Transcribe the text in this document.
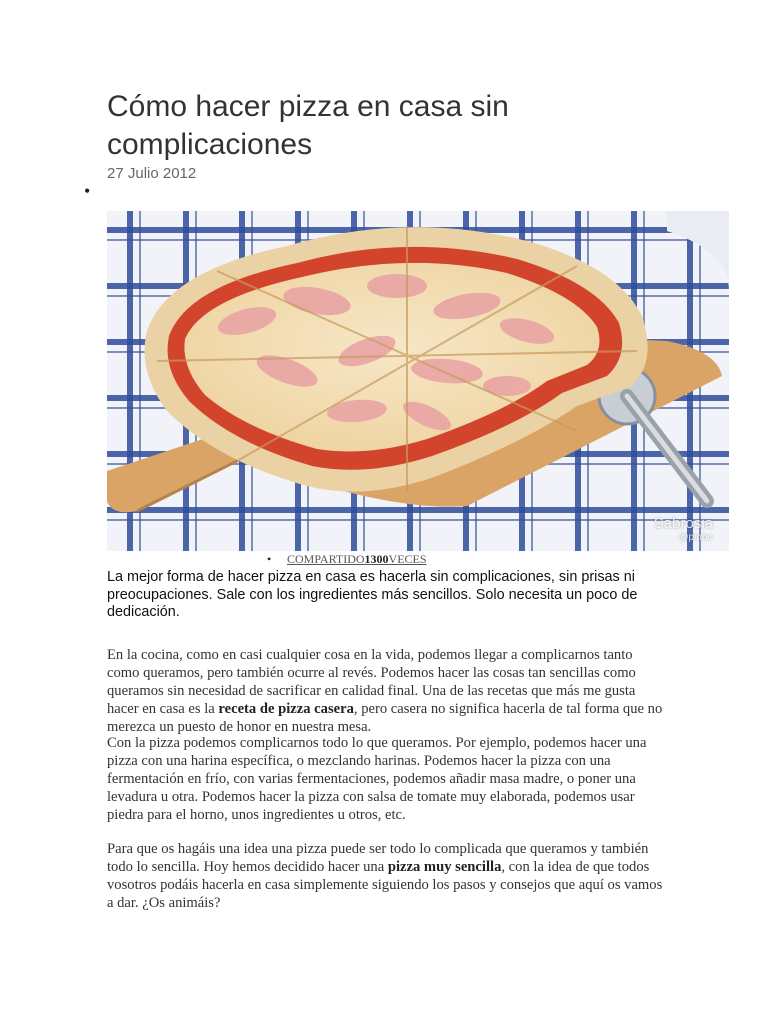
Cómo hacer pizza en casa sin complicaciones
27 Julio 2012
•
Sabrosia
@pinbo
• COMPARTIDO1300VECES

La mejor forma de hacer pizza en casa es hacerla sin complicaciones, sin prisas ni preocupaciones. Sale con los ingredientes más sencillos. Solo necesita un poco de dedicación.

En la cocina, como en casi cualquier cosa en la vida, podemos llegar a complicarnos tanto como queramos, pero también ocurre al revés. Podemos hacer las cosas tan sencillas como queramos sin necesidad de sacrificar en calidad final. Una de las recetas que más me gusta hacer en casa es la receta de pizza casera, pero casera no significa hacerla de tal forma que no merezca un puesto de honor en nuestra mesa.

Con la pizza podemos complicarnos todo lo que queramos. Por ejemplo, podemos hacer una pizza con una harina específica, o mezclando harinas. Podemos hacer la pizza con una fermentación en frío, con varias fermentaciones, podemos añadir masa madre, o poner una levadura u otra. Podemos hacer la pizza con salsa de tomate muy elaborada, podemos usar piedra para el horno, unos ingredientes u otros, etc.

Para que os hagáis una idea una pizza puede ser todo lo complicada que queramos y también todo lo sencilla. Hoy hemos decidido hacer una pizza muy sencilla, con la idea de que todos vosotros podáis hacerla en casa simplemente siguiendo los pasos y consejos que aquí os vamos a dar. ¿Os animáis?
